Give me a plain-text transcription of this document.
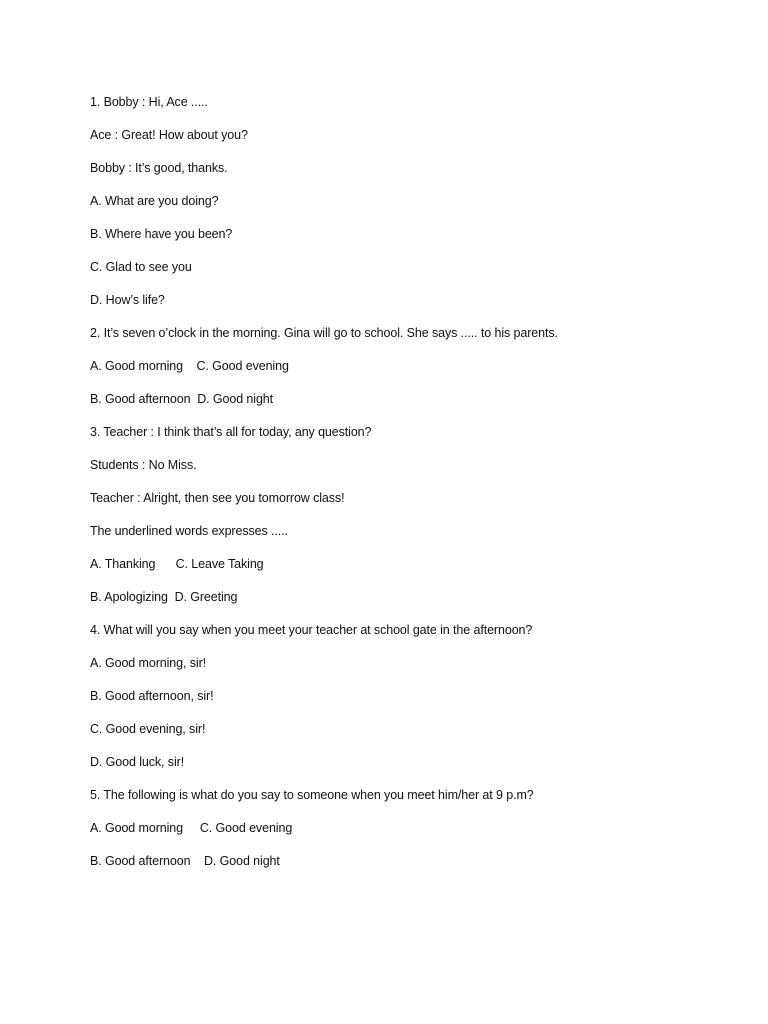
1. Bobby : Hi, Ace .....
Ace : Great! How about you?
Bobby : It’s good, thanks.
A. What are you doing?
B. Where have you been?
C. Glad to see you
D. How’s life?
2. It’s seven o’clock in the morning. Gina will go to school. She says ..... to his parents.
A. Good morning    C. Good evening
B. Good afternoon  D. Good night
3. Teacher : I think that’s all for today, any question?
Students : No Miss.
Teacher : Alright, then see you tomorrow class!
The underlined words expresses .....
A. Thanking      C. Leave Taking
B. Apologizing  D. Greeting
4. What will you say when you meet your teacher at school gate in the afternoon?
A. Good morning, sir!
B. Good afternoon, sir!
C. Good evening, sir!
D. Good luck, sir!
5. The following is what do you say to someone when you meet him/her at 9 p.m?
A. Good morning     C. Good evening
B. Good afternoon    D. Good night
